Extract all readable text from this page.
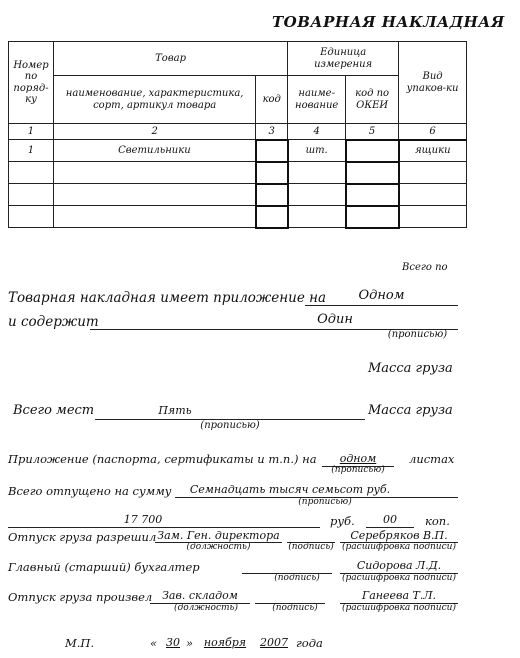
ТОВАРНАЯ НАКЛАДНАЯ
Номер по поряд-ку	Товар		Единица измерения		Вид упаков-ки
	наименование, характеристика, сорт, артикул товара	код	наиме-нование	код по ОКЕИ	
1	2	3	4	5	6
1	Светильники		шт.		ящики

Всего по
Товарная накладная имеет приложение на	Одном
и содержит	Один
(прописью)
Масса груза
Всего мест	Пять
(прописью)
Масса груза
Приложение (паспорта, сертификаты и т.п.) на	одном
(прописью)
листах
Всего отпущено на сумму	Семнадцать тысяч семьсот руб.
(прописью)
17 700	руб.	00	коп.
Отпуск груза разрешил Зам. Ген. директора
(должность)	(подпись)
Серебряков В.П.
(расшифровка подписи)
Главный (старший) бухгалтер
(подпись)
Сидорова Л.Д.
(расшифровка подписи)
Отпуск груза произвел Зав. складом
(должность)	(подпись)
Ганеева Т.Л.
(расшифровка подписи)
М.П.	« 30 » ноября	2007 года
